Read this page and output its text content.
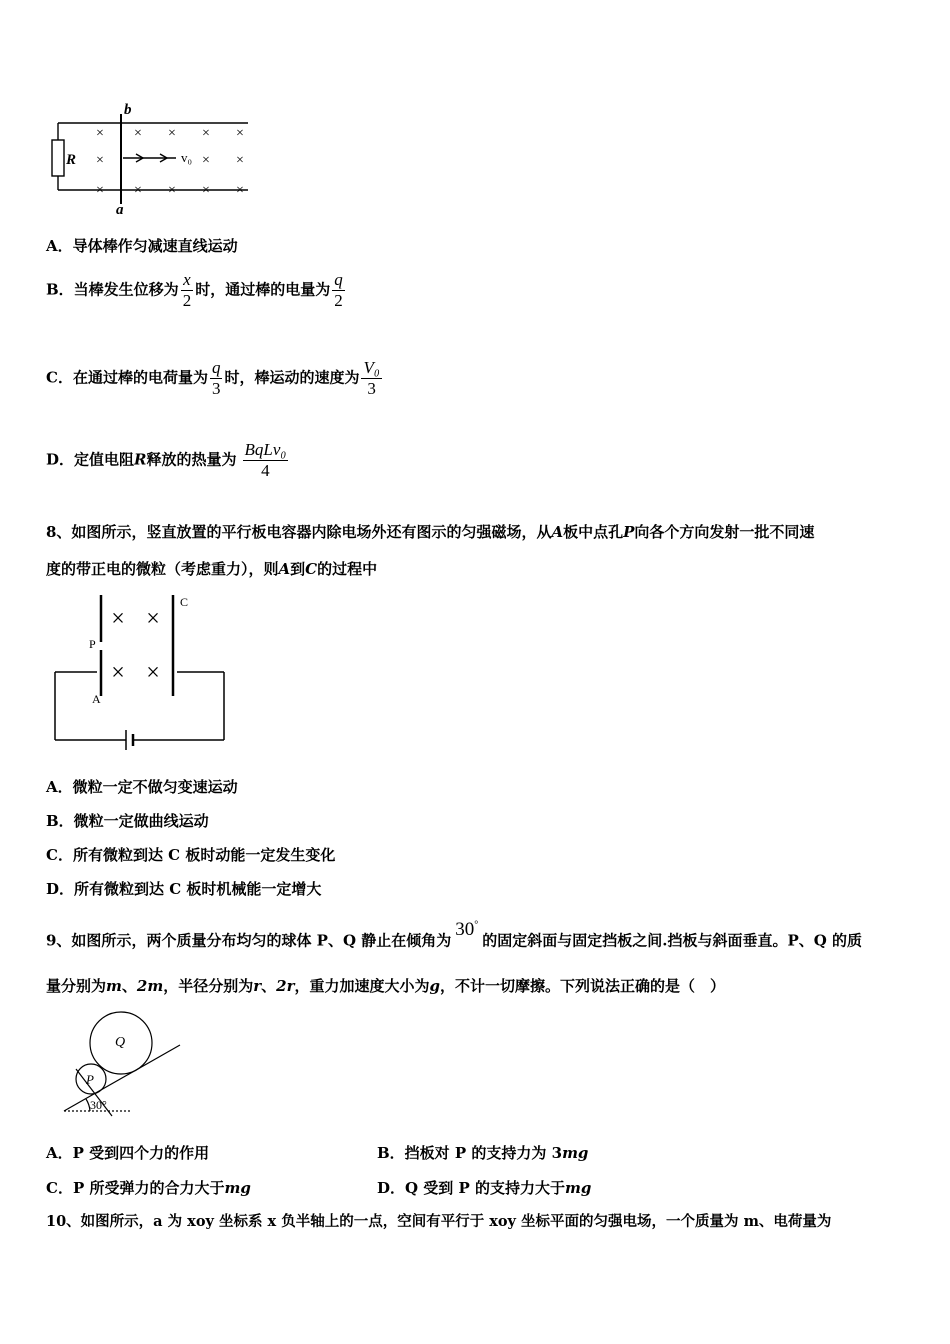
× × × × ×
×	× ×
× × × × ×
b
a
R	v₀
A．导体棒作匀减速直线运动
B．当棒发生位移为 $\frac{x}{2}$ 时，通过棒的电量为 $\frac{q}{2}$
C．在通过棒的电荷量为 $\frac{q}{3}$ 时，棒运动的速度为 $\frac{\text{V₀}}{3}$
D．定值电阻R释放的热量为 $\frac{\text{BqLv₀}}{4}$
8、如图所示，竖直放置的平行板电容器内除电场外还有图示的匀强磁场，从A板中点孔P向各个方向发射一批不同速
度的带正电的微粒（考虑重力），则A到C的过程中
× ×
× ×
C
P
A
A．微粒一定不做匀变速运动
B．微粒一定做曲线运动
C．所有微粒到达 C 板时动能一定发生变化
D．所有微粒到达 C 板时机械能一定增大
9、如图所示，两个质量分布均匀的球体 P、Q 静止在倾角为 30°的固定斜面与固定挡板之间.挡板与斜面垂直。P、Q 的质
量分别为m、2m，半径分别为r、2r，重力加速度大小为g，不计一切摩擦。下列说法正确的是（　）
Q
P
30°
A．P 受到四个力的作用	B．挡板对 P 的支持力为 3mg
C．P 所受弹力的合力大于mg	D．Q 受到 P 的支持力大于mg
10、如图所示，a 为 xoy 坐标系 x 负半轴上的一点，空间有平行于 xoy 坐标平面的匀强电场，一个质量为 m、电荷量为
